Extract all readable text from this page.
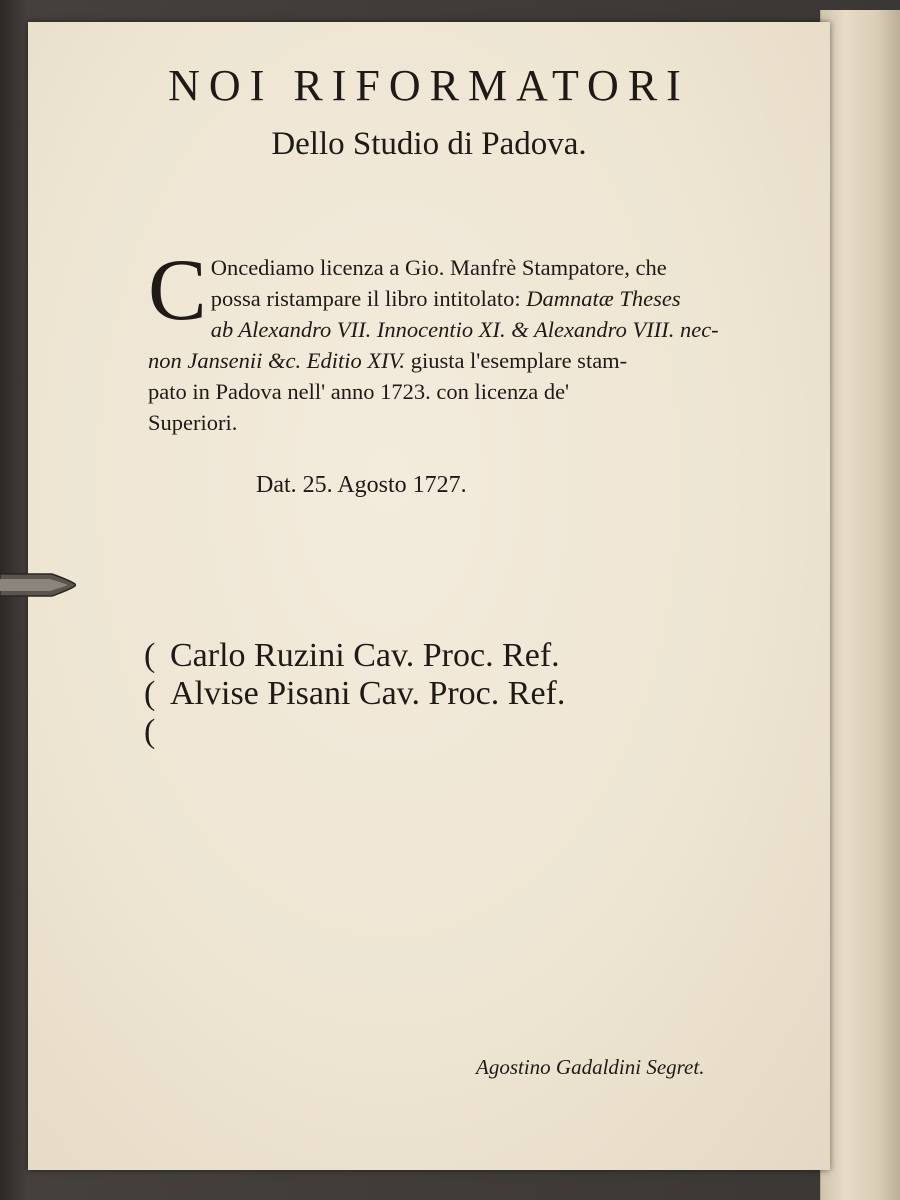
NOI RIFORMATORI
Dello Studio di Padova.
C Oncediamo licenza a Gio. Manfrè Stampatore, che
possa ristampare il libro intitolato: Damnatæ Theses
ab Alexandro VII. Innocentio XI. & Alexandro VIII. nec-
non Jansenii &c. Editio XIV. giusta l'esemplare stam-
pato in Padova nell' anno 1723. con licenza de'
Superiori.
Dat. 25. Agosto 1727.
( Carlo Ruzini Cav. Proc. Ref.
( Alvise Pisani Cav. Proc. Ref.
(
Agostino Gadaldini Segret.
